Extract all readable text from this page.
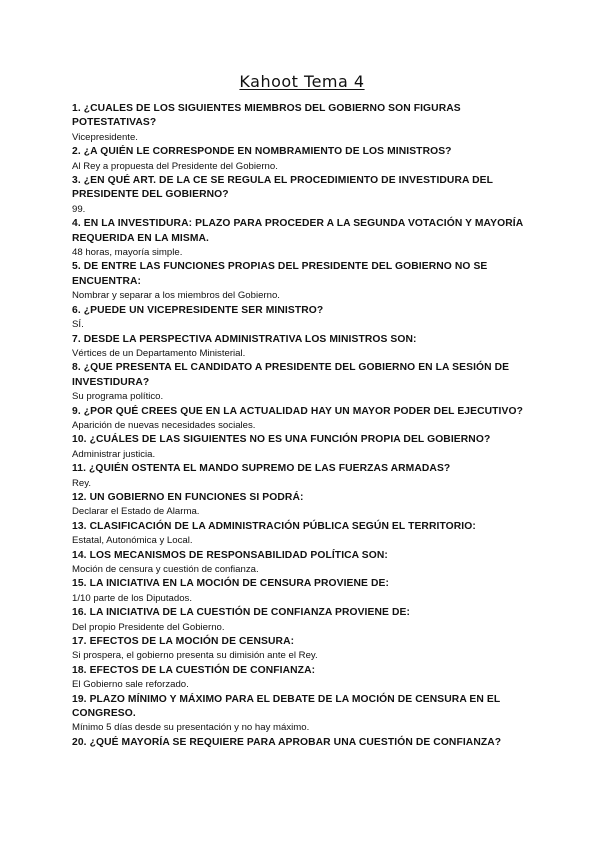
Kahoot Tema 4
1. ¿CUALES DE LOS SIGUIENTES MIEMBROS DEL GOBIERNO SON FIGURAS POTESTATIVAS?
Vicepresidente.
2. ¿A QUIÉN LE CORRESPONDE EN NOMBRAMIENTO DE LOS MINISTROS?
Al Rey a propuesta del Presidente del Gobierno.
3. ¿EN QUÉ ART. DE LA CE SE REGULA EL PROCEDIMIENTO DE INVESTIDURA DEL PRESIDENTE DEL GOBIERNO?
99.
4. EN LA INVESTIDURA: PLAZO PARA PROCEDER A LA SEGUNDA VOTACIÓN Y MAYORÍA REQUERIDA EN LA MISMA.
48 horas, mayoría simple.
5. DE ENTRE LAS FUNCIONES PROPIAS DEL PRESIDENTE DEL GOBIERNO NO SE ENCUENTRA:
Nombrar y separar a los miembros del Gobierno.
6. ¿PUEDE UN VICEPRESIDENTE SER MINISTRO?
SÍ.
7. DESDE LA PERSPECTIVA ADMINISTRATIVA LOS MINISTROS SON:
Vértices de un Departamento Ministerial.
8. ¿QUE PRESENTA EL CANDIDATO A PRESIDENTE DEL GOBIERNO EN LA SESIÓN DE INVESTIDURA?
Su programa político.
9. ¿POR QUÉ CREES QUE EN LA ACTUALIDAD HAY UN MAYOR PODER DEL EJECUTIVO?
Aparición de nuevas necesidades sociales.
10. ¿CUÁLES DE LAS SIGUIENTES NO ES UNA FUNCIÓN PROPIA DEL GOBIERNO?
Administrar justicia.
11. ¿QUIÉN OSTENTA EL MANDO SUPREMO DE LAS FUERZAS ARMADAS?
Rey.
12. UN GOBIERNO EN FUNCIONES SI PODRÁ:
Declarar el Estado de Alarma.
13. CLASIFICACIÓN DE LA ADMINISTRACIÓN PÚBLICA SEGÚN EL TERRITORIO:
Estatal, Autonómica y Local.
14. LOS MECANISMOS DE RESPONSABILIDAD POLÍTICA SON:
Moción de censura y cuestión de confianza.
15. LA INICIATIVA EN LA MOCIÓN DE CENSURA PROVIENE DE:
1/10 parte de los Diputados.
16. LA INICIATIVA DE LA CUESTIÓN DE CONFIANZA PROVIENE DE:
Del propio Presidente del Gobierno.
17. EFECTOS DE LA MOCIÓN DE CENSURA:
Si prospera, el gobierno presenta su dimisión ante el Rey.
18. EFECTOS DE LA CUESTIÓN DE CONFIANZA:
El Gobierno sale reforzado.
19. PLAZO MÍNIMO Y MÁXIMO PARA EL DEBATE DE LA MOCIÓN DE CENSURA EN EL CONGRESO.
Mínimo 5 días desde su presentación y no hay máximo.
20. ¿QUÉ MAYORÍA SE REQUIERE PARA APROBAR UNA CUESTIÓN DE CONFIANZA?
